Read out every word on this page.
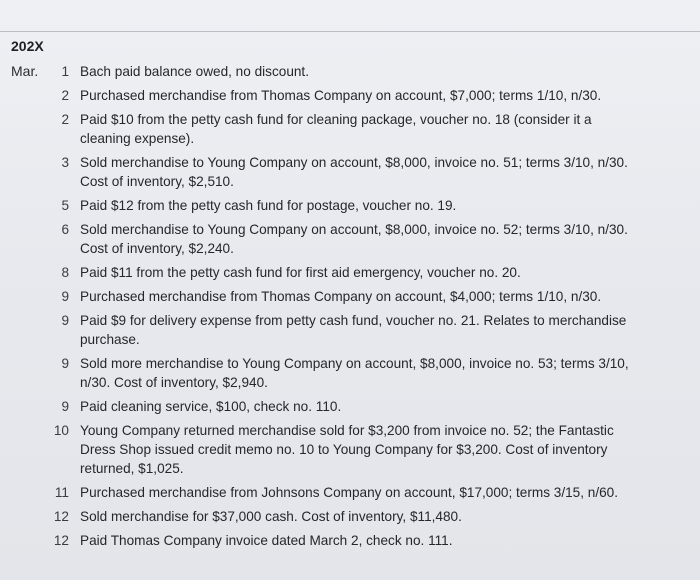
202X
Mar.	1 Bach paid balance owed, no discount.
2 Purchased merchandise from Thomas Company on account, $7,000; terms 1/10, n/30.
2 Paid $10 from the petty cash fund for cleaning package, voucher no. 18 (consider it a cleaning expense).
3 Sold merchandise to Young Company on account, $8,000, invoice no. 51; terms 3/10, n/30. Cost of inventory, $2,510.
5 Paid $12 from the petty cash fund for postage, voucher no. 19.
6 Sold merchandise to Young Company on account, $8,000, invoice no. 52; terms 3/10, n/30. Cost of inventory, $2,240.
8 Paid $11 from the petty cash fund for first aid emergency, voucher no. 20.
9 Purchased merchandise from Thomas Company on account, $4,000; terms 1/10, n/30.
9 Paid $9 for delivery expense from petty cash fund, voucher no. 21. Relates to merchandise purchase.
9 Sold more merchandise to Young Company on account, $8,000, invoice no. 53; terms 3/10, n/30. Cost of inventory, $2,940.
9 Paid cleaning service, $100, check no. 110.
10 Young Company returned merchandise sold for $3,200 from invoice no. 52; the Fantastic Dress Shop issued credit memo no. 10 to Young Company for $3,200. Cost of inventory returned, $1,025.
11 Purchased merchandise from Johnsons Company on account, $17,000; terms 3/15, n/60.
12 Sold merchandise for $37,000 cash. Cost of inventory, $11,480.
12 Paid Thomas Company invoice dated March 2, check no. 111.
